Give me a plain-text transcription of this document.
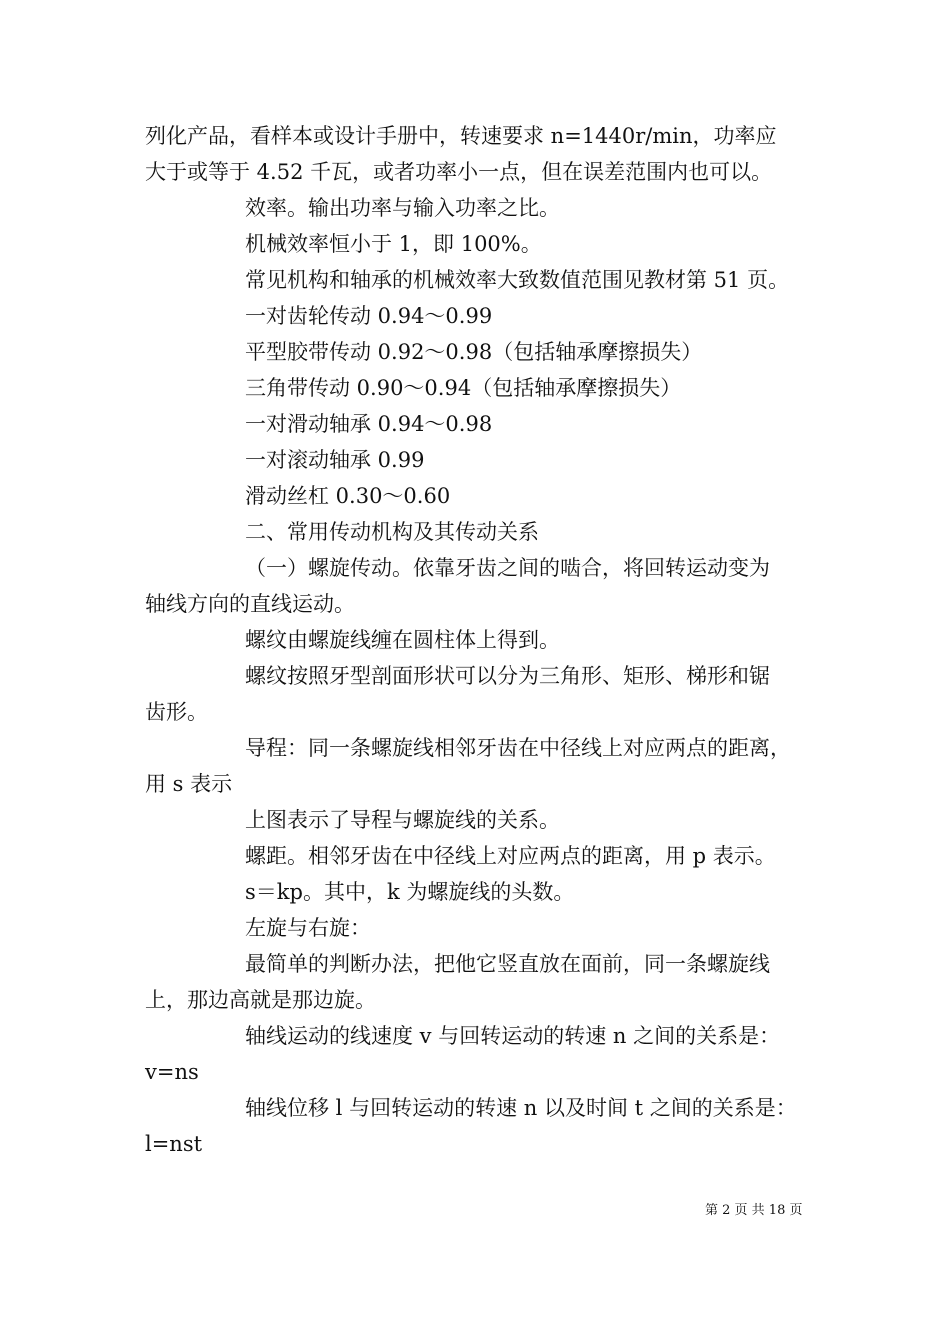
列化产品，看样本或设计手册中，转速要求 n=1440r/min，功率应
大于或等于 4.52 千瓦，或者功率小一点，但在误差范围内也可以。
效率。输出功率与输入功率之比。
机械效率恒小于 1，即 100%。
常见机构和轴承的机械效率大致数值范围见教材第 51 页。
一对齿轮传动 0.94～0.99
平型胶带传动 0.92～0.98（包括轴承摩擦损失）
三角带传动 0.90～0.94（包括轴承摩擦损失）
一对滑动轴承 0.94～0.98
一对滚动轴承 0.99
滑动丝杠 0.30～0.60
二、常用传动机构及其传动关系
（一）螺旋传动。依靠牙齿之间的啮合，将回转运动变为
轴线方向的直线运动。
螺纹由螺旋线缠在圆柱体上得到。
螺纹按照牙型剖面形状可以分为三角形、矩形、梯形和锯
齿形。
导程：同一条螺旋线相邻牙齿在中径线上对应两点的距离，
用 s 表示
上图表示了导程与螺旋线的关系。
螺距。相邻牙齿在中径线上对应两点的距离，用 p 表示。
s＝kp。其中，k 为螺旋线的头数。
左旋与右旋：
最简单的判断办法，把他它竖直放在面前，同一条螺旋线
上，那边高就是那边旋。
轴线运动的线速度 v 与回转运动的转速 n 之间的关系是：
v=ns
轴线位移 l 与回转运动的转速 n 以及时间 t 之间的关系是：
l=nst
第 2 页 共 18 页
